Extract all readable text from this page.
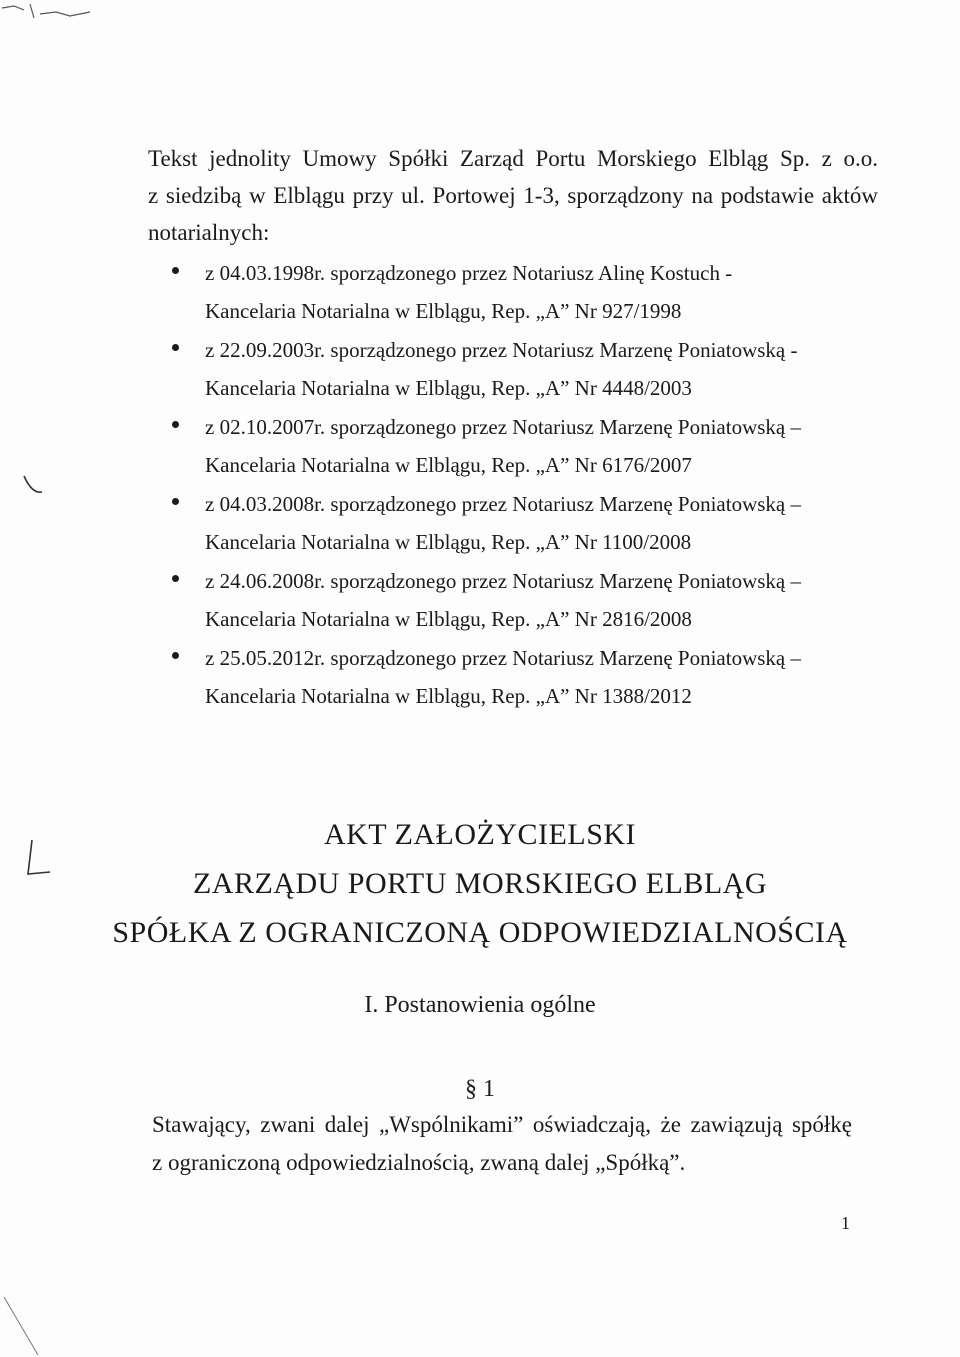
Tekst jednolity Umowy Spółki Zarząd Portu Morskiego Elbląg Sp. z o.o.
z siedzibą w Elblągu przy ul. Portowej 1-3, sporządzony na podstawie aktów
notarialnych:
z 04.03.1998r. sporządzonego przez Notariusz Alinę Kostuch -
Kancelaria Notarialna w Elblągu, Rep. „A” Nr 927/1998
z 22.09.2003r. sporządzonego przez Notariusz Marzenę Poniatowską -
Kancelaria Notarialna w Elblągu, Rep. „A” Nr 4448/2003
z 02.10.2007r. sporządzonego przez Notariusz Marzenę Poniatowską –
Kancelaria Notarialna w Elblągu, Rep. „A” Nr 6176/2007
z 04.03.2008r. sporządzonego przez Notariusz Marzenę Poniatowską –
Kancelaria Notarialna w Elblągu, Rep. „A” Nr 1100/2008
z 24.06.2008r. sporządzonego przez Notariusz Marzenę Poniatowską –
Kancelaria Notarialna w Elblągu, Rep. „A” Nr 2816/2008
z 25.05.2012r. sporządzonego przez Notariusz Marzenę Poniatowską –
Kancelaria Notarialna w Elblągu, Rep. „A” Nr 1388/2012
AKT ZAŁOŻYCIELSKI
ZARZĄDU PORTU MORSKIEGO ELBLĄG
SPÓŁKA Z OGRANICZONĄ ODPOWIEDZIALNOŚCIĄ
I. Postanowienia ogólne
§ 1
Stawający, zwani dalej „Wspólnikami” oświadczają, że zawiązują spółkę
z ograniczoną odpowiedzialnością, zwaną dalej „Spółką”.
1
